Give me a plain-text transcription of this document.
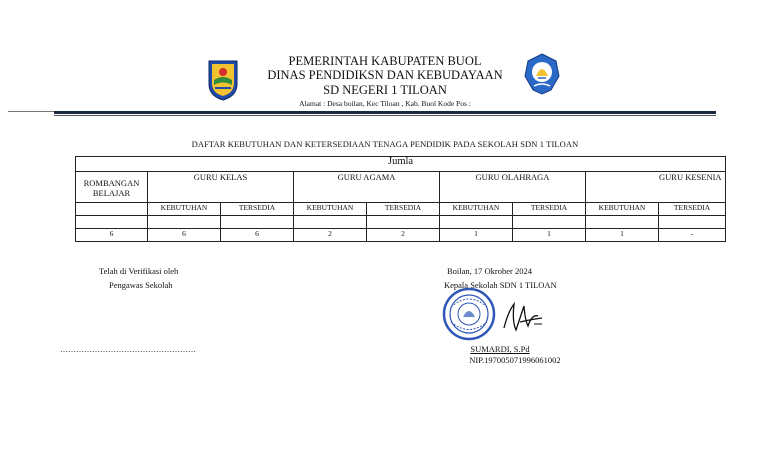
PEMERINTAH KABUPATEN BUOL
DINAS PENDIDIKSN DAN KEBUDAYAAN
SD NEGERI 1 TILOAN
Alamat : Desa boilan, Kec Tiloan , Kab. Buol Kode Pos :
DAFTAR KEBUTUHAN DAN KETERSEDIAAN TENAGA PENDIDIK PADA SEKOLAH SDN 1 TILOAN
Jumla								
ROMBANGAN BELAJAR	GURU KELAS		GURU AGAMA		GURU OLAHRAGA		GURU KESENIA	
	KEBUTUHAN	TERSEDIA	KEBUTUHAN	TERSEDIA	KEBUTUHAN	TERSEDIA	KEBUTUHAN	TERSEDIA

6	6	6	2	2	1	1	1	-
Telah di Verifikasi oleh
Pengawas Sekolah
……………………………………………
Boilan, 17 Okrober 2024
Kepala Sekolah SDN 1 TILOAN
SUMARDI, S.Pd
NIP.197005071996061002
